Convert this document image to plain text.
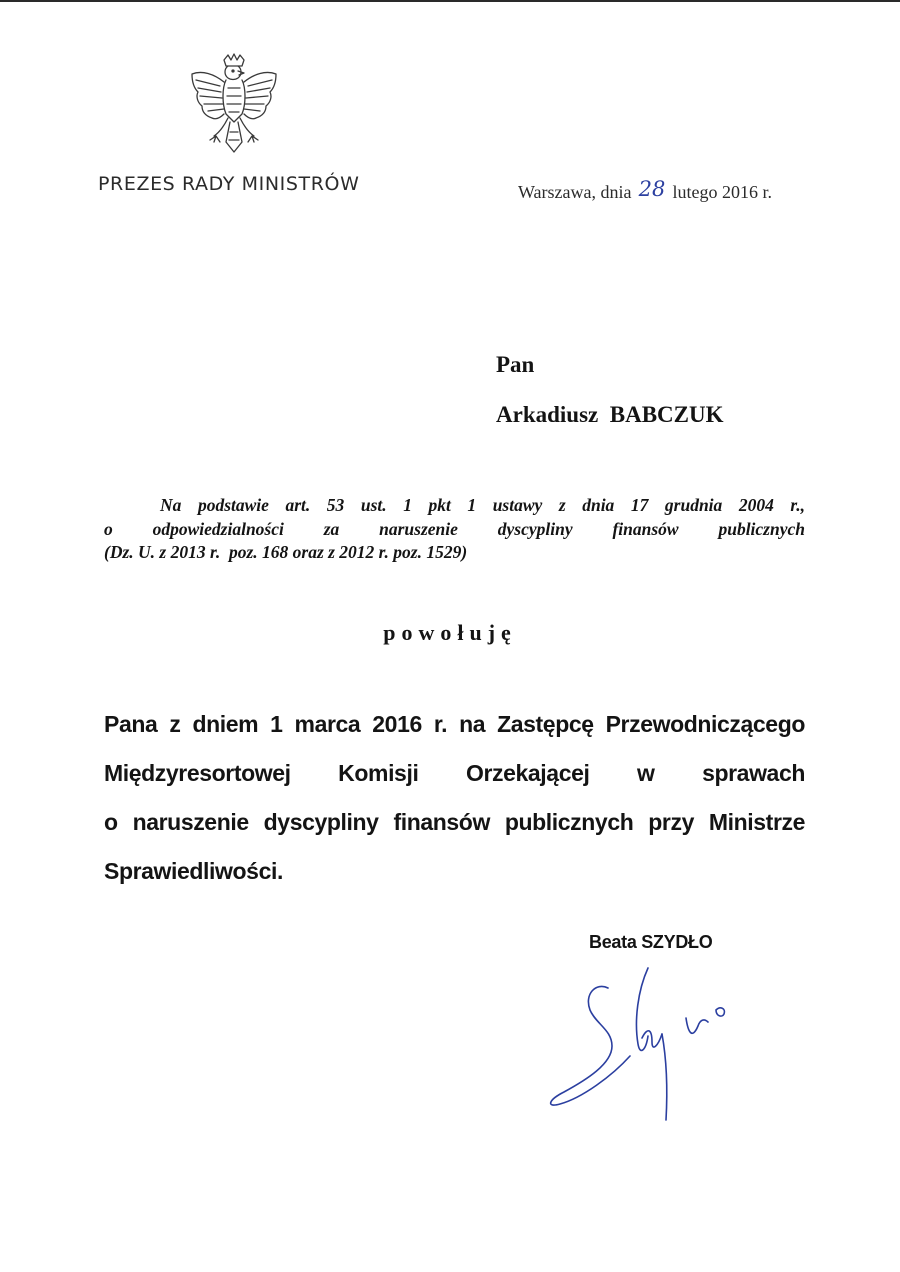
PREZES RADY MINISTRÓW	Warszawa, dnia 28 lutego 2016 r.
Pan
Arkadiusz  BABCZUK
Na podstawie art. 53 ust. 1 pkt 1 ustawy z dnia 17 grudnia 2004 r.,
o odpowiedzialności za naruszenie dyscypliny finansów publicznych
(Dz. U. z 2013 r.  poz. 168 oraz z 2012 r. poz. 1529)
powołuję
Pana z dniem 1 marca 2016 r. na Zastępcę Przewodniczącego
Międzyresortowej Komisji Orzekającej w sprawach
o naruszenie dyscypliny finansów publicznych przy Ministrze
Sprawiedliwości.
Beata SZYDŁO
